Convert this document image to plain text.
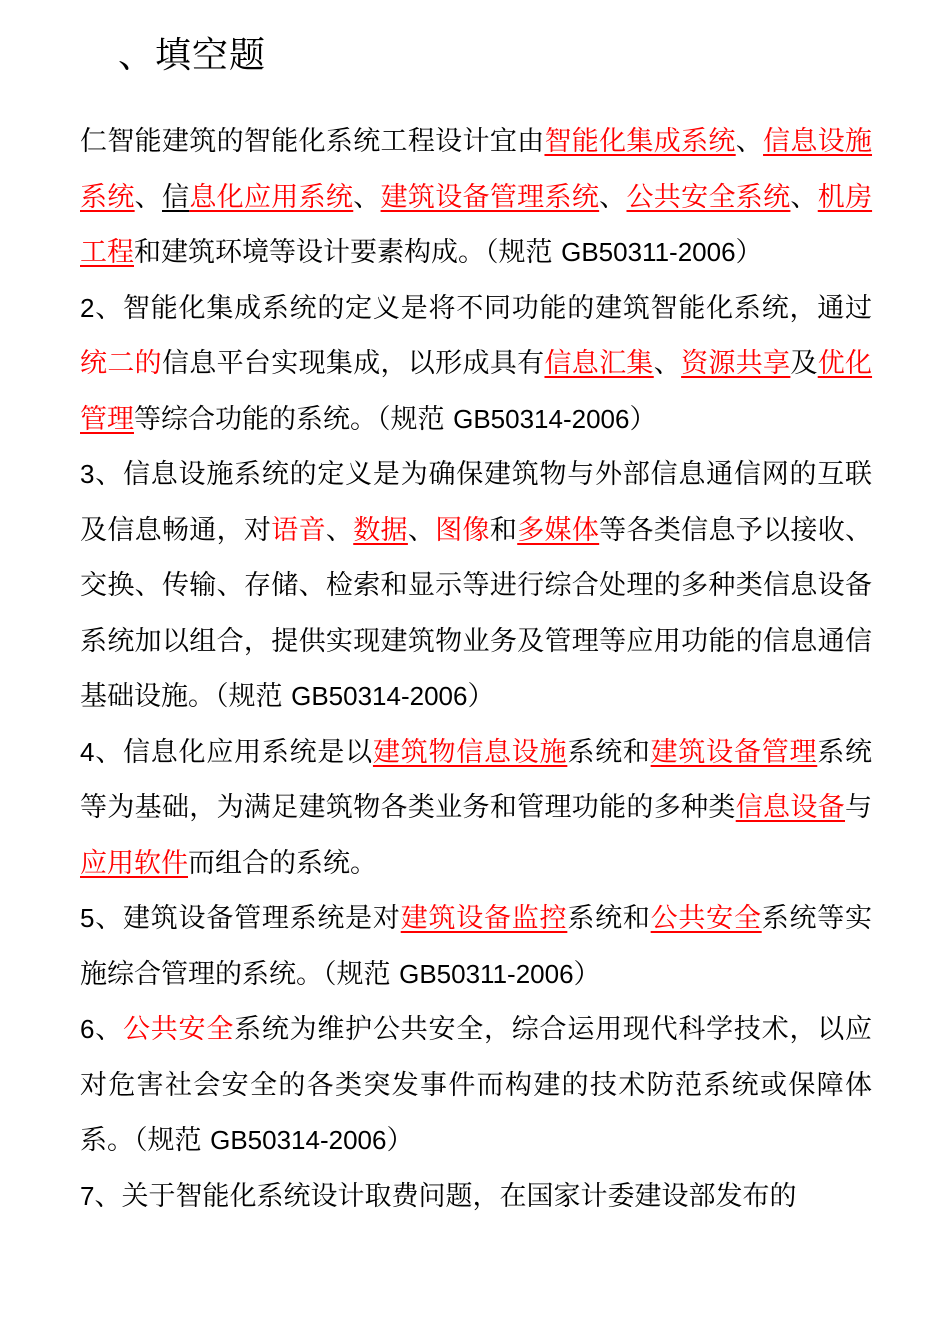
、填空题

仁智能建筑的智能化系统工程设计宜由智能化集成系统、信息设施系统、信息化应用系统、建筑设备管理系统、公共安全系统、机房工程和建筑环境等设计要素构成。（规范 GB50311-2006）

2、智能化集成系统的定义是将不同功能的建筑智能化系统，通过统二的信息平台实现集成，以形成具有信息汇集、资源共享及优化管理等综合功能的系统。（规范 GB50314-2006）

3、信息设施系统的定义是为确保建筑物与外部信息通信网的互联及信息畅通，对语音、数据、图像和多媒体等各类信息予以接收、交换、传输、存储、检索和显示等进行综合处理的多种类信息设备系统加以组合，提供实现建筑物业务及管理等应用功能的信息通信基础设施。（规范 GB50314-2006）

4、信息化应用系统是以建筑物信息设施系统和建筑设备管理系统等为基础，为满足建筑物各类业务和管理功能的多种类信息设备与应用软件而组合的系统。

5、建筑设备管理系统是对建筑设备监控系统和公共安全系统等实施综合管理的系统。（规范 GB50311-2006）

6、公共安全系统为维护公共安全，综合运用现代科学技术，以应对危害社会安全的各类突发事件而构建的技术防范系统或保障体系。（规范 GB50314-2006）

7、关于智能化系统设计取费问题，在国家计委建设部发布的
